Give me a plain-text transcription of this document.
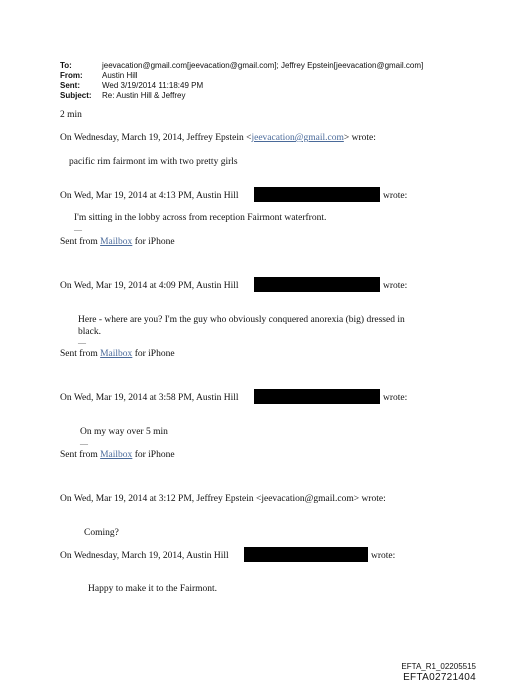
To:	jeevacation@gmail.com[jeevacation@gmail.com]; Jeffrey Epstein[jeevacation@gmail.com]
From: Austin Hill
Sent:	Wed 3/19/2014 11:18:49 PM
Subject: Re: Austin Hill & Jeffrey
2 min
On Wednesday, March 19, 2014, Jeffrey Epstein <jeevacation@gmail.com> wrote:
pacific rim fairmont im with two pretty girls
On Wed, Mar 19, 2014 at 4:13 PM, Austin Hill	wrote:
I'm sitting in the lobby across from reception Fairmont waterfront.
—
Sent from Mailbox for iPhone
On Wed, Mar 19, 2014 at 4:09 PM, Austin Hill	wrote:
Here - where are you? I'm the guy who obviously conquered anorexia (big) dressed in black.
—
Sent from Mailbox for iPhone
On Wed, Mar 19, 2014 at 3:58 PM, Austin Hill	wrote:
On my way over 5 min
—
Sent from Mailbox for iPhone
On Wed, Mar 19, 2014 at 3:12 PM, Jeffrey Epstein <jeevacation@gmail.com> wrote:
Coming?
On Wednesday, March 19, 2014, Austin Hill	wrote:
Happy to make it to the Fairmont.
EFTA_R1_02205515
EFTA02721404
